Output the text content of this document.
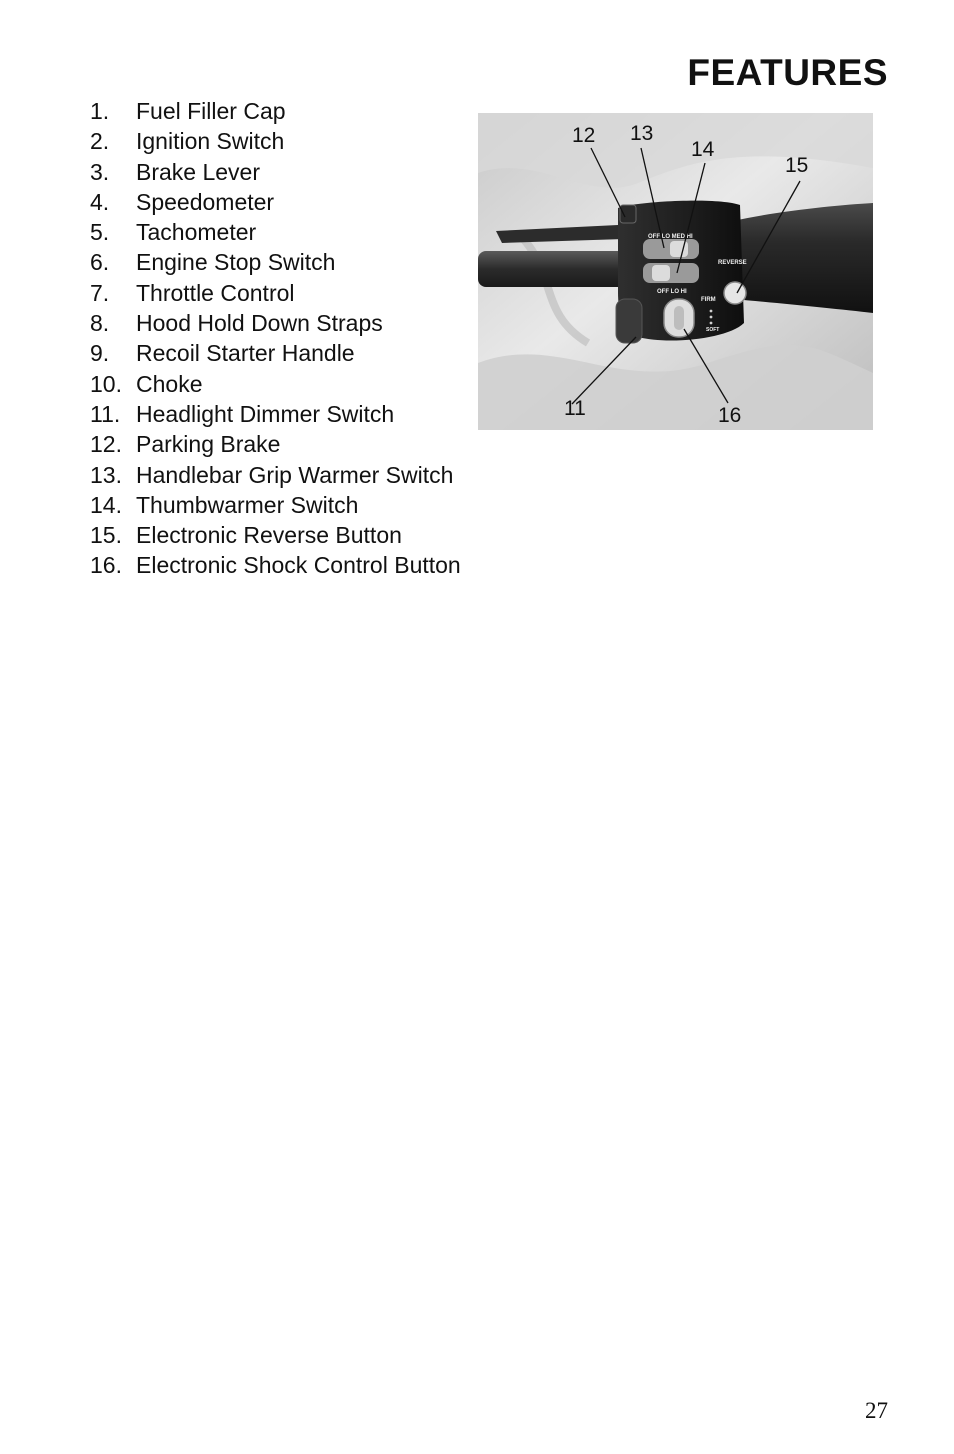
FEATURES
1.	Fuel Filler Cap
2.	Ignition Switch
3.	Brake Lever
4.	Speedometer
5.	Tachometer
6.	Engine Stop Switch
7.	Throttle Control
8.	Hood Hold Down Straps
9.	Recoil Starter Handle
10. Choke
11. Headlight Dimmer Switch
12. Parking Brake
13. Handlebar Grip Warmer Switch
14. Thumbwarmer Switch
15. Electronic Reverse Button
16. Electronic Shock Control Button
OFF LO MED HI
OFF LO HI
REVERSE
FIRM
SOFT
12 13
14
15
11	16
27
